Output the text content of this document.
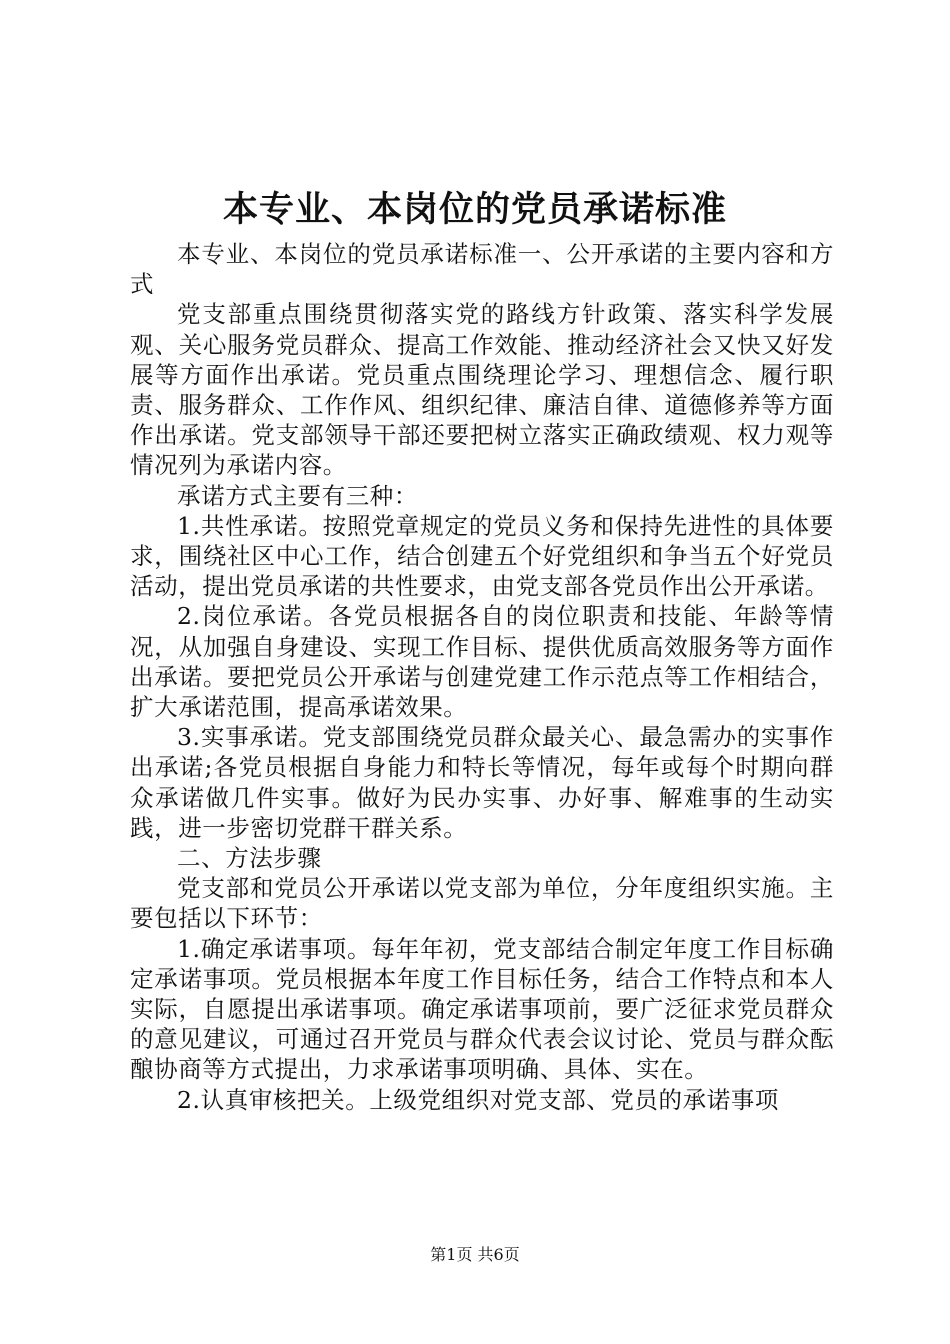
本专业、本岗位的党员承诺标准

本专业、本岗位的党员承诺标准一、公开承诺的主要内容和方式

党支部重点围绕贯彻落实党的路线方针政策、落实科学发展观、关心服务党员群众、提高工作效能、推动经济社会又快又好发展等方面作出承诺。党员重点围绕理论学习、理想信念、履行职责、服务群众、工作作风、组织纪律、廉洁自律、道德修养等方面作出承诺。党支部领导干部还要把树立落实正确政绩观、权力观等情况列为承诺内容。

承诺方式主要有三种：

1.共性承诺。按照党章规定的党员义务和保持先进性的具体要求，围绕社区中心工作，结合创建五个好党组织和争当五个好党员活动，提出党员承诺的共性要求，由党支部各党员作出公开承诺。

2.岗位承诺。各党员根据各自的岗位职责和技能、年龄等情况，从加强自身建设、实现工作目标、提供优质高效服务等方面作出承诺。要把党员公开承诺与创建党建工作示范点等工作相结合，扩大承诺范围，提高承诺效果。

3.实事承诺。党支部围绕党员群众最关心、最急需办的实事作出承诺;各党员根据自身能力和特长等情况，每年或每个时期向群众承诺做几件实事。做好为民办实事、办好事、解难事的生动实践，进一步密切党群干群关系。

二、方法步骤

党支部和党员公开承诺以党支部为单位，分年度组织实施。主要包括以下环节：

1.确定承诺事项。每年年初，党支部结合制定年度工作目标确定承诺事项。党员根据本年度工作目标任务，结合工作特点和本人实际，自愿提出承诺事项。确定承诺事项前，要广泛征求党员群众的意见建议，可通过召开党员与群众代表会议讨论、党员与群众酝酿协商等方式提出，力求承诺事项明确、具体、实在。

2.认真审核把关。上级党组织对党支部、党员的承诺事项

第1页 共6页
